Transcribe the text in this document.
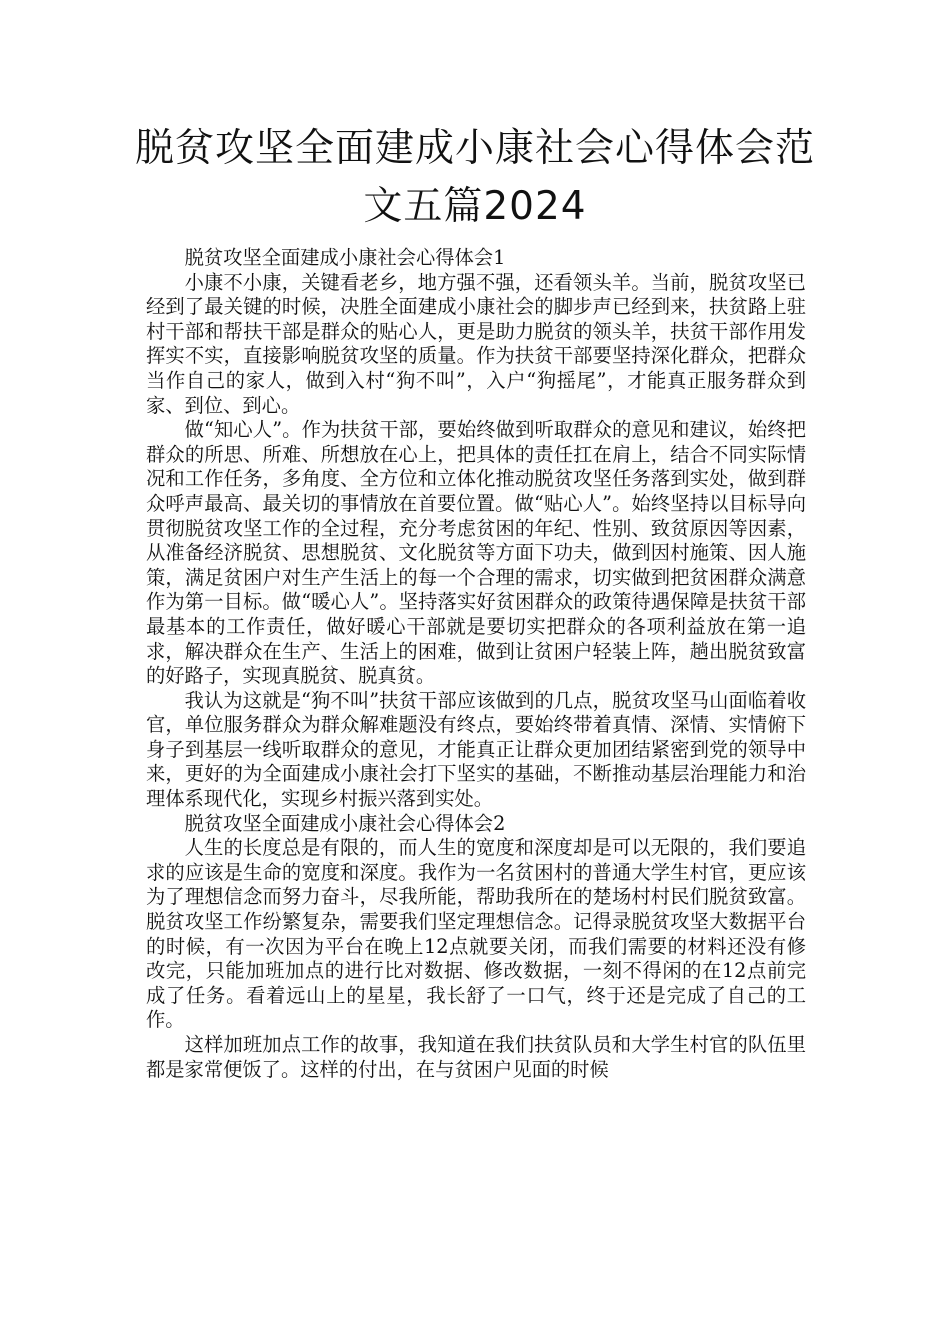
脱贫攻坚全面建成小康社会心得体会范文五篇2024

脱贫攻坚全面建成小康社会心得体会1

小康不小康，关键看老乡，地方强不强，还看领头羊。当前，脱贫攻坚已经到了最关键的时候，决胜全面建成小康社会的脚步声已经到来，扶贫路上驻村干部和帮扶干部是群众的贴心人，更是助力脱贫的领头羊，扶贫干部作用发挥实不实，直接影响脱贫攻坚的质量。作为扶贫干部要坚持深化群众，把群众当作自己的家人，做到入村“狗不叫”，入户“狗摇尾”，才能真正服务群众到家、到位、到心。

做“知心人”。作为扶贫干部，要始终做到听取群众的意见和建议，始终把群众的所思、所难、所想放在心上，把具体的责任扛在肩上，结合不同实际情况和工作任务，多角度、全方位和立体化推动脱贫攻坚任务落到实处，做到群众呼声最高、最关切的事情放在首要位置。做“贴心人”。始终坚持以目标导向贯彻脱贫攻坚工作的全过程，充分考虑贫困的年纪、性别、致贫原因等因素，从准备经济脱贫、思想脱贫、文化脱贫等方面下功夫，做到因村施策、因人施策，满足贫困户对生产生活上的每一个合理的需求，切实做到把贫困群众满意作为第一目标。做“暖心人”。坚持落实好贫困群众的政策待遇保障是扶贫干部最基本的工作责任，做好暖心干部就是要切实把群众的各项利益放在第一追求，解决群众在生产、生活上的困难，做到让贫困户轻装上阵，趟出脱贫致富的好路子，实现真脱贫、脱真贫。

我认为这就是“狗不叫”扶贫干部应该做到的几点，脱贫攻坚马山面临着收官，单位服务群众为群众解难题没有终点，要始终带着真情、深情、实情俯下身子到基层一线听取群众的意见，才能真正让群众更加团结紧密到党的领导中来，更好的为全面建成小康社会打下坚实的基础，不断推动基层治理能力和治理体系现代化，实现乡村振兴落到实处。

脱贫攻坚全面建成小康社会心得体会2

人生的长度总是有限的，而人生的宽度和深度却是可以无限的，我们要追求的应该是生命的宽度和深度。我作为一名贫困村的普通大学生村官，更应该为了理想信念而努力奋斗，尽我所能，帮助我所在的楚场村村民们脱贫致富。脱贫攻坚工作纷繁复杂，需要我们坚定理想信念。记得录脱贫攻坚大数据平台的时候，有一次因为平台在晚上12点就要关闭，而我们需要的材料还没有修改完，只能加班加点的进行比对数据、修改数据，一刻不得闲的在12点前完成了任务。看着远山上的星星，我长舒了一口气，终于还是完成了自己的工作。

这样加班加点工作的故事，我知道在我们扶贫队员和大学生村官的队伍里都是家常便饭了。这样的付出，在与贫困户见面的时候
